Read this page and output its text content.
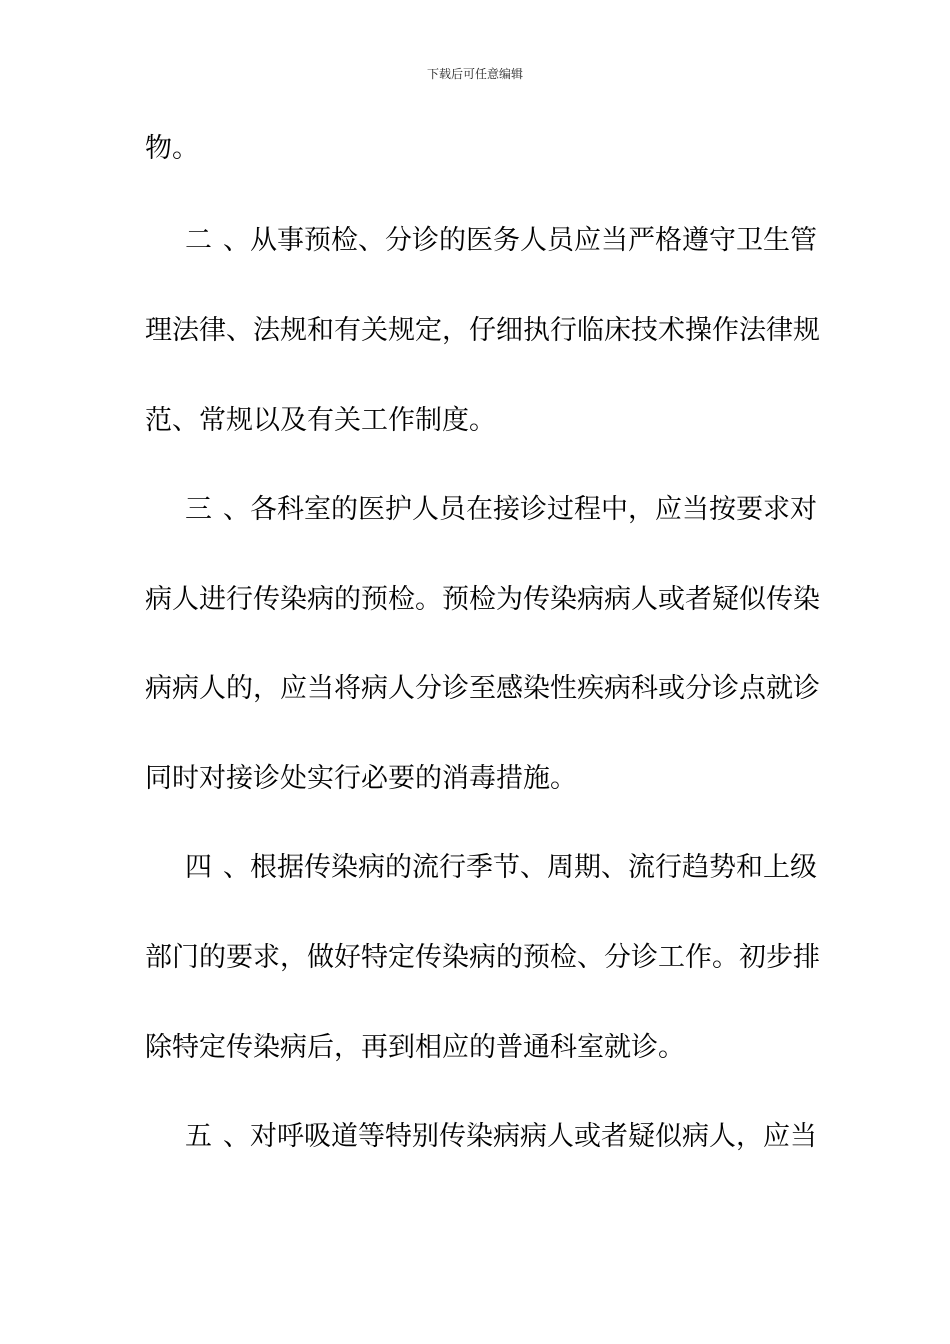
下载后可任意编辑
物。
二、从事预检、分诊的医务人员应当严格遵守卫生管
理法律、法规和有关规定，仔细执行临床技术操作法律规
范、常规以及有关工作制度。
三、各科室的医护人员在接诊过程中，应当按要求对
病人进行传染病的预检。预检为传染病病人或者疑似传染
病病人的，应当将病人分诊至感染性疾病科或分诊点就诊
同时对接诊处实行必要的消毒措施。
四、根据传染病的流行季节、周期、流行趋势和上级
部门的要求，做好特定传染病的预检、分诊工作。初步排
除特定传染病后，再到相应的普通科室就诊。
五、对呼吸道等特别传染病病人或者疑似病人，应当
